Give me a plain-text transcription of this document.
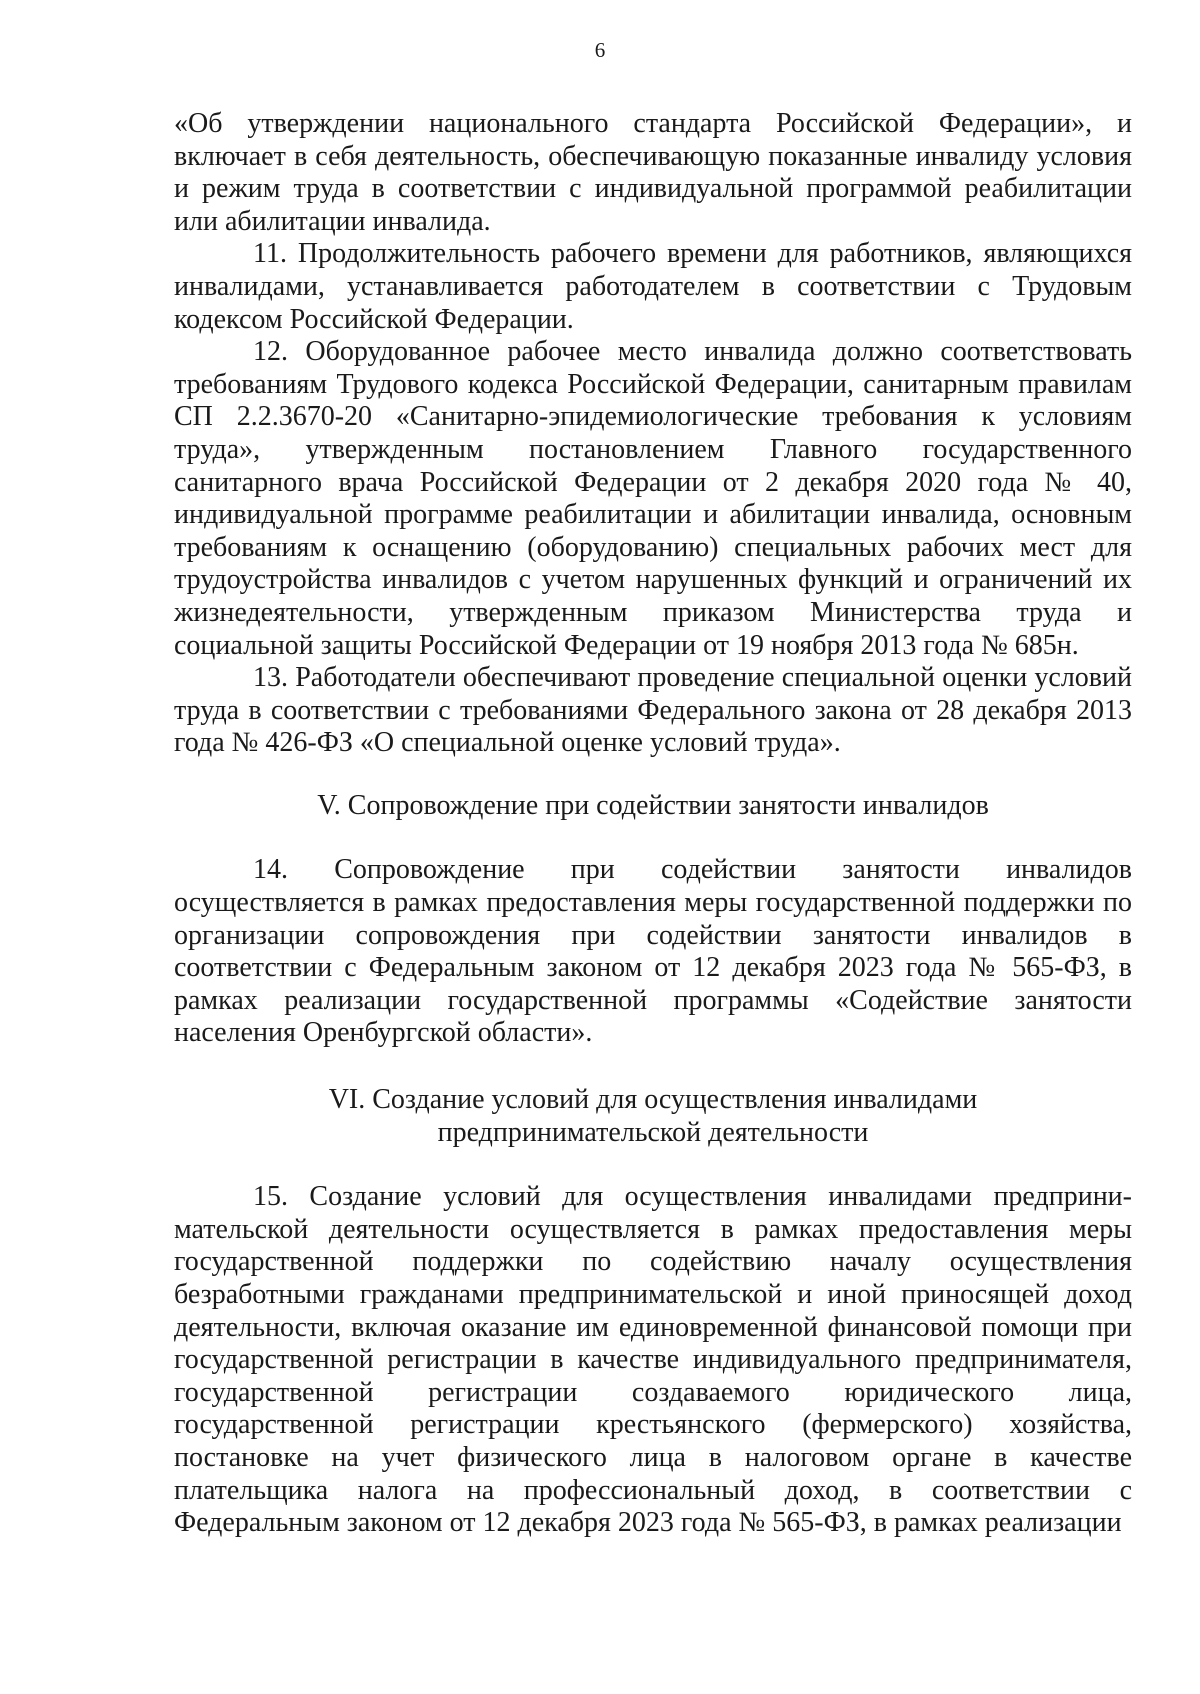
6

«Об утверждении национального стандарта Российской Федерации», и включает в себя деятельность, обеспечивающую показанные инвалиду условия и режим труда в соответствии с индивидуальной программой реабилитации или абилитации инвалида.

11. Продолжительность рабочего времени для работников, являющихся инвалидами, устанавливается работодателем в соответствии с Трудовым кодексом Российской Федерации.

12. Оборудованное рабочее место инвалида должно соответствовать требованиям Трудового кодекса Российской Федерации, санитарным правилам СП 2.2.3670-20 «Санитарно-эпидемиологические требования к условиям труда», утвержденным постановлением Главного государственного санитарного врача Российской Федерации от 2 декабря 2020 года № 40, индивидуальной программе реабилитации и абилитации инвалида, основным требованиям к оснащению (оборудованию) специальных рабочих мест для трудоустройства инвалидов с учетом нарушенных функций и ограничений их жизнедеятельности, утвержденным приказом Министерства труда и социальной защиты Российской Федерации от 19 ноября 2013 года № 685н.

13. Работодатели обеспечивают проведение специальной оценки условий труда в соответствии с требованиями Федерального закона от 28 декабря 2013 года № 426-ФЗ «О специальной оценке условий труда».

V. Сопровождение при содействии занятости инвалидов

14. Сопровождение при содействии занятости инвалидов осуществляется в рамках предоставления меры государственной поддержки по организации сопровождения при содействии занятости инвалидов в соответствии с Федеральным законом от 12 декабря 2023 года № 565-ФЗ, в рамках реализации государственной программы «Содействие занятости населения Оренбургской области».

VI. Создание условий для осуществления инвалидами
предпринимательской деятельности

15. Создание условий для осуществления инвалидами предпринимательской деятельности осуществляется в рамках предоставления меры государственной поддержки по содействию началу осуществления безработными гражданами предпринимательской и иной приносящей доход деятельности, включая оказание им единовременной финансовой помощи при государственной регистрации в качестве индивидуального предпринимателя, государственной регистрации создаваемого юридического лица, государственной регистрации крестьянского (фермерского) хозяйства, постановке на учет физического лица в налоговом органе в качестве плательщика налога на профессиональный доход, в соответствии с Федеральным законом от 12 декабря 2023 года № 565-ФЗ, в рамках реализации
